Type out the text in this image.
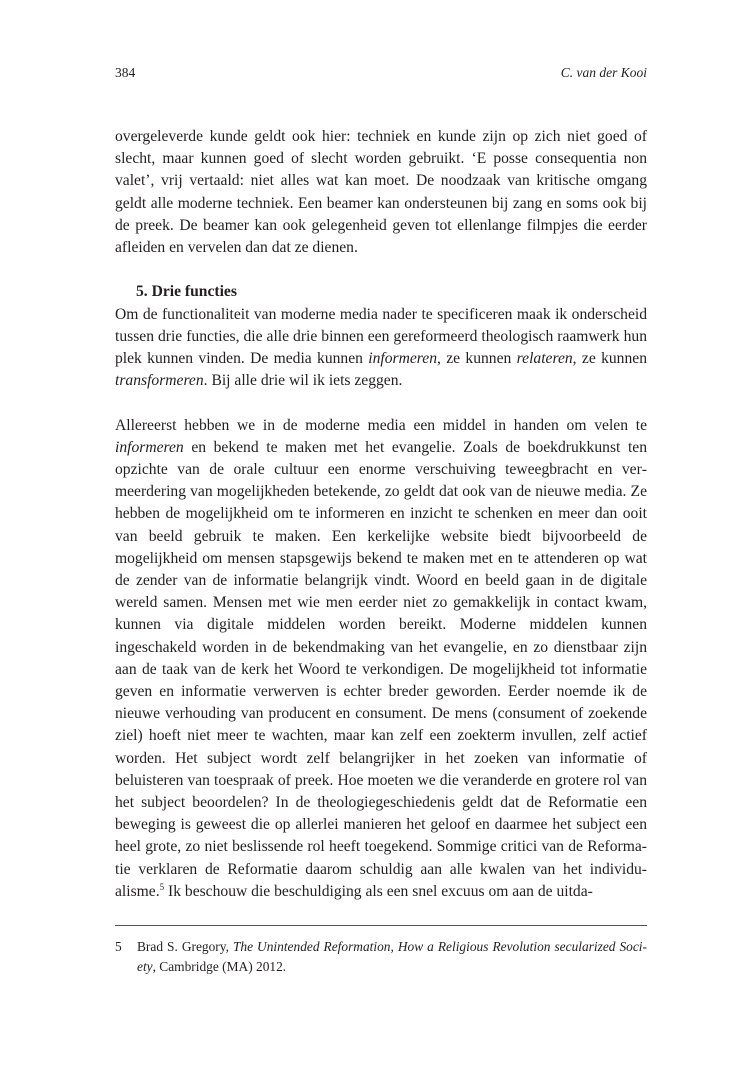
384	C. van der Kooi

overgeleverde kunde geldt ook hier: techniek en kunde zijn op zich niet goed of slecht, maar kunnen goed of slecht worden gebruikt. ‘E posse consequentia non valet’, vrij vertaald: niet alles wat kan moet. De noodzaak van kritische omgang geldt alle moderne techniek. Een beamer kan ondersteunen bij zang en soms ook bij de preek. De beamer kan ook gelegenheid geven tot ellenlange filmpjes die eerder afleiden en vervelen dan dat ze dienen.

5. Drie functies

Om de functionaliteit van moderne media nader te specificeren maak ik onderscheid tussen drie functies, die alle drie binnen een gereformeerd theologisch raamwerk hun plek kunnen vinden. De media kunnen informeren, ze kunnen relateren, ze kunnen transformeren. Bij alle drie wil ik iets zeggen.

Allereerst hebben we in de moderne media een middel in handen om velen te informeren en bekend te maken met het evangelie. Zoals de boekdrukkunst ten opzichte van de orale cultuur een enorme verschuiving teweegbracht en vermeerdering van mogelijkheden betekende, zo geldt dat ook van de nieuwe media. Ze hebben de mogelijkheid om te informeren en inzicht te schenken en meer dan ooit van beeld gebruik te maken. Een kerkelijke website biedt bijvoorbeeld de mogelijkheid om mensen stapsgewijs bekend te maken met en te attenderen op wat de zender van de informatie belangrijk vindt. Woord en beeld gaan in de digitale wereld samen. Mensen met wie men eerder niet zo gemakkelijk in contact kwam, kunnen via digitale middelen worden bereikt. Moderne middelen kunnen ingeschakeld worden in de bekendmaking van het evangelie, en zo dienstbaar zijn aan de taak van de kerk het Woord te verkondigen. De mogelijkheid tot informatie geven en informatie verwerven is echter breder geworden. Eerder noemde ik de nieuwe verhouding van producent en consument. De mens (consument of zoekende ziel) hoeft niet meer te wachten, maar kan zelf een zoekterm invullen, zelf actief worden. Het subject wordt zelf belangrijker in het zoeken van informatie of beluisteren van toespraak of preek. Hoe moeten we die veranderde en grotere rol van het subject beoordelen? In de theologiegeschiedenis geldt dat de Reformatie een beweging is geweest die op allerlei manieren het geloof en daarmee het subject een heel grote, zo niet beslissende rol heeft toegekend. Sommige critici van de Reformatie verklaren de Reformatie daarom schuldig aan alle kwalen van het individualisme.$^5$ Ik beschouw die beschuldiging als een snel excuus om aan de uitda-

5	Brad S. Gregory, The Unintended Reformation, How a Religious Revolution secularized Society, Cambridge (MA) 2012.
